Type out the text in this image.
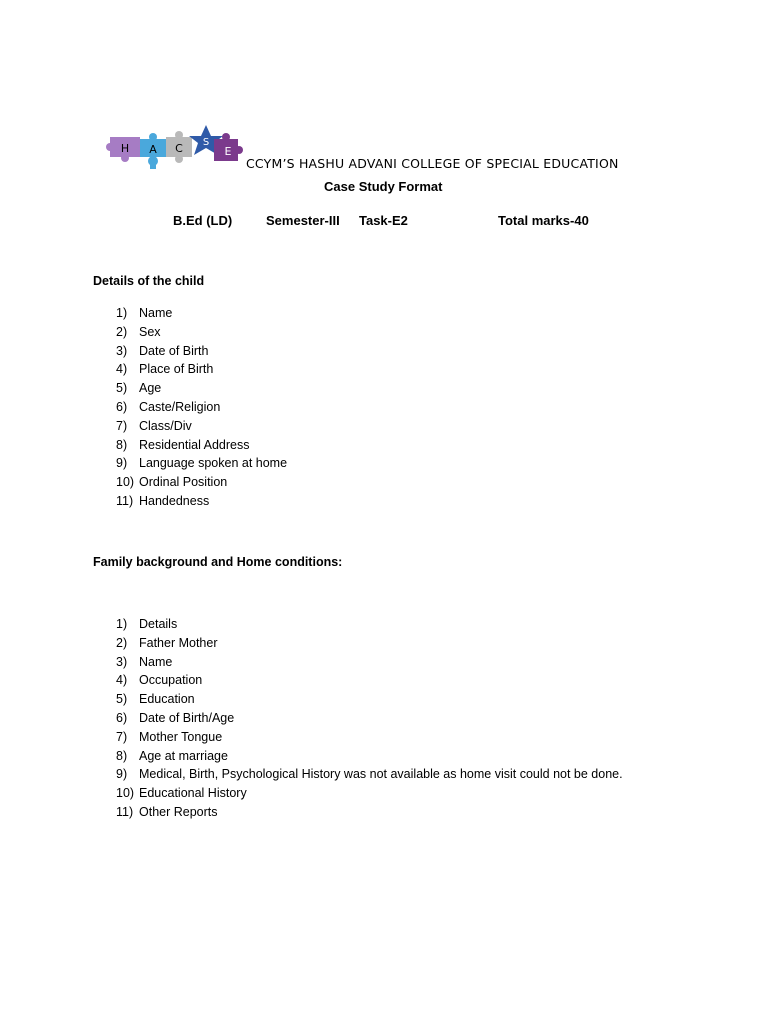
H A C S
E
CCYM’S HASHU ADVANI COLLEGE OF SPECIAL EDUCATION
Case Study Format
B.Ed (LD)	Semester-III Task-E2	Total marks-40
Details of the child
1) Name
2) Sex
3) Date of Birth
4) Place of Birth
5) Age
6) Caste/Religion
7) Class/Div
8) Residential Address
9) Language spoken at home
10) Ordinal Position
11) Handedness
Family background and Home conditions:
1) Details
2) Father Mother
3) Name
4) Occupation
5) Education
6) Date of Birth/Age
7) Mother Tongue
8) Age at marriage
9) Medical, Birth, Psychological History was not available as home visit could not be done.
10) Educational History
11) Other Reports
